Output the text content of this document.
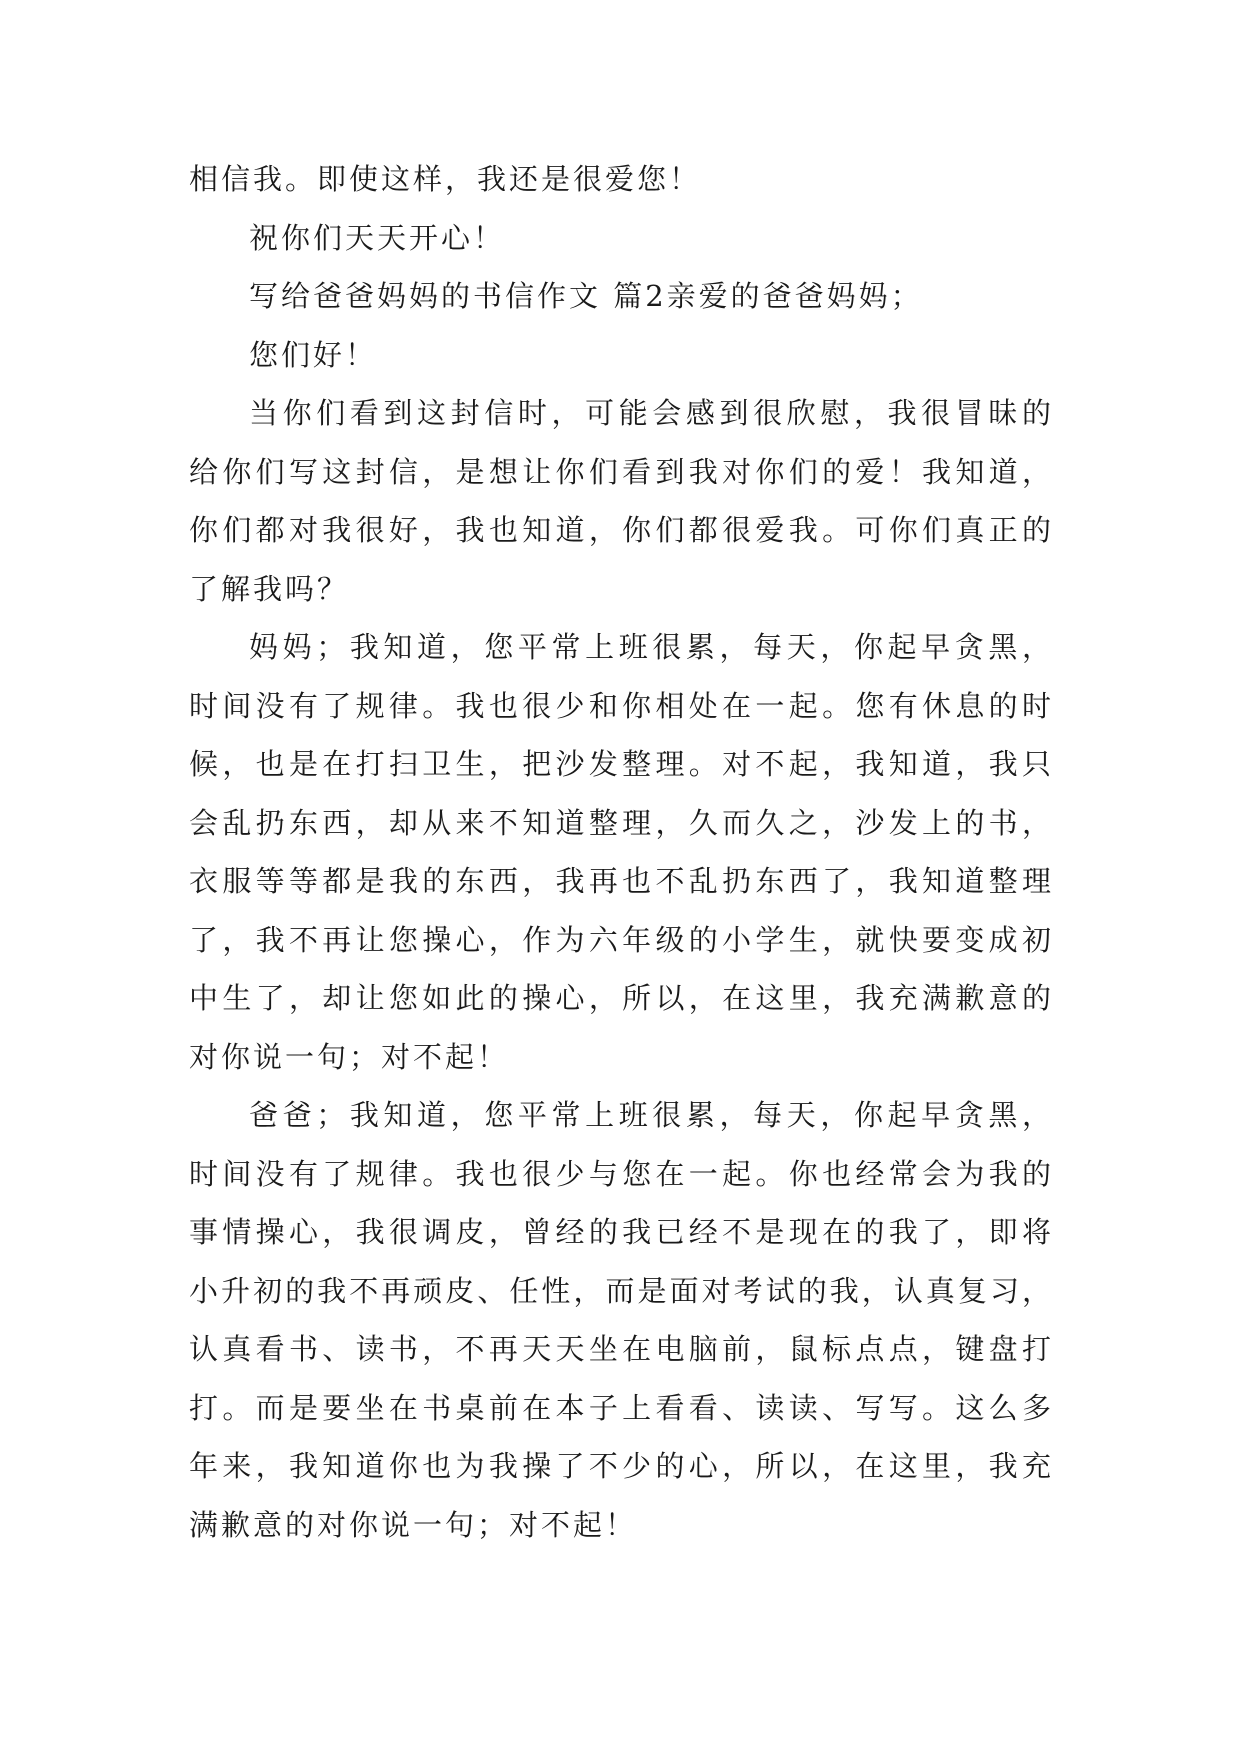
相信我。即使这样，我还是很爱您！
祝你们天天开心！
写给爸爸妈妈的书信作文 篇2亲爱的爸爸妈妈；
您们好！
当你们看到这封信时，可能会感到很欣慰，我很冒昧的
给你们写这封信，是想让你们看到我对你们的爱！我知道，
你们都对我很好，我也知道，你们都很爱我。可你们真正的
了解我吗？
妈妈；我知道，您平常上班很累，每天，你起早贪黑，
时间没有了规律。我也很少和你相处在一起。您有休息的时
候，也是在打扫卫生，把沙发整理。对不起，我知道，我只
会乱扔东西，却从来不知道整理，久而久之，沙发上的书，
衣服等等都是我的东西，我再也不乱扔东西了，我知道整理
了，我不再让您操心，作为六年级的小学生，就快要变成初
中生了，却让您如此的操心，所以，在这里，我充满歉意的
对你说一句；对不起！
爸爸；我知道，您平常上班很累，每天，你起早贪黑，
时间没有了规律。我也很少与您在一起。你也经常会为我的
事情操心，我很调皮，曾经的我已经不是现在的我了，即将
小升初的我不再顽皮、任性，而是面对考试的我，认真复习，
认真看书、读书，不再天天坐在电脑前，鼠标点点，键盘打
打。而是要坐在书桌前在本子上看看、读读、写写。这么多
年来，我知道你也为我操了不少的心，所以，在这里，我充
满歉意的对你说一句；对不起！
